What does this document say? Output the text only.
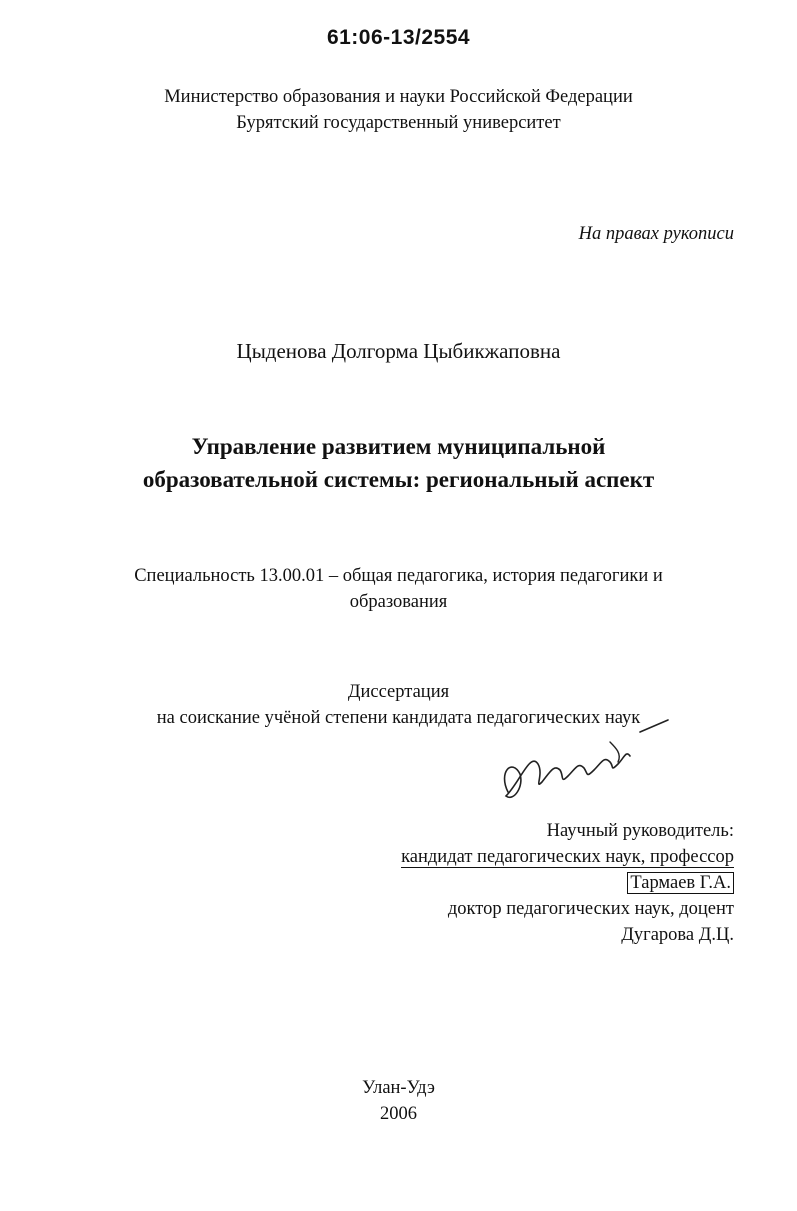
61:06-13/2554
Министерство образования и науки Российской Федерации
Бурятский государственный университет
На правах рукописи
Цыденова Долгорма Цыбикжаповна
Управление развитием муниципальной
образовательной системы: региональный аспект
Специальность 13.00.01 – общая педагогика, история педагогики и
образования
Диссертация
на соискание учёной степени кандидата педагогических наук
Научный руководитель:
кандидат педагогических наук, профессор
Тармаев Г.А.
доктор педагогических наук, доцент
Дугарова Д.Ц.
Улан-Удэ
2006
